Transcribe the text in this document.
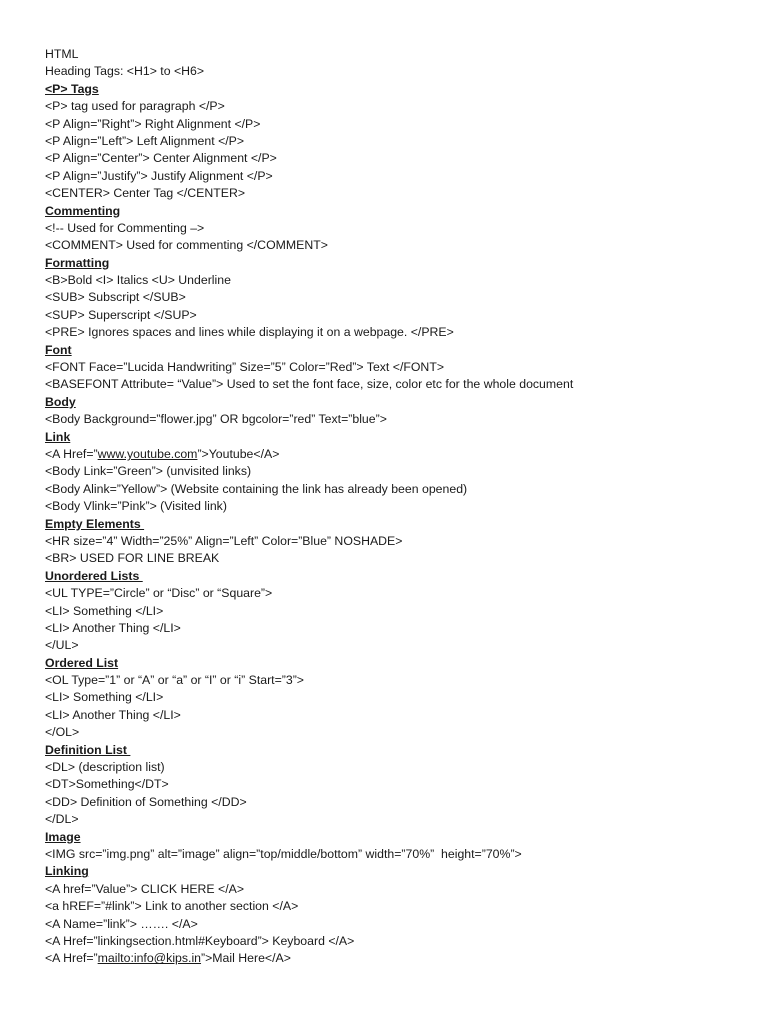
HTML
Heading Tags: <H1> to <H6>
<P> Tags
<P> tag used for paragraph </P>
<P Align=”Right”> Right Alignment </P>
<P Align=”Left”> Left Alignment </P>
<P Align=”Center”> Center Alignment </P>
<P Align=”Justify”> Justify Alignment </P>
<CENTER> Center Tag </CENTER>
Commenting
<!-- Used for Commenting –>
<COMMENT> Used for commenting </COMMENT>
Formatting
<B>Bold <I> Italics <U> Underline
<SUB> Subscript </SUB>
<SUP> Superscript </SUP>
<PRE> Ignores spaces and lines while displaying it on a webpage. </PRE>
Font
<FONT Face=”Lucida Handwriting” Size=”5” Color=”Red”> Text </FONT>
<BASEFONT Attribute= “Value”> Used to set the font face, size, color etc for the whole document
Body
<Body Background=”flower.jpg” OR bgcolor=”red” Text=”blue”>
Link
<A Href=”www.youtube.com”>Youtube</A>
<Body Link=”Green”> (unvisited links)
<Body Alink=”Yellow”> (Website containing the link has already been opened)
<Body Vlink=”Pink”> (Visited link)
Empty Elements
<HR size=”4” Width=”25%” Align=”Left” Color=”Blue” NOSHADE>
<BR> USED FOR LINE BREAK
Unordered Lists
<UL TYPE=”Circle” or “Disc” or “Square”>
<LI> Something </LI>
<LI> Another Thing </LI>
</UL>
Ordered List
<OL Type=”1” or “A” or “a” or “I” or “i” Start=”3”>
<LI> Something </LI>
<LI> Another Thing </LI>
</OL>
Definition List
<DL> (description list)
<DT>Something</DT>
<DD> Definition of Something </DD>
</DL>
Image
<IMG src=”img.png” alt=”image” align=”top/middle/bottom” width=”70%”  height=”70%”>
Linking
<A href=”Value”> CLICK HERE </A>
<a hREF=”#link”> Link to another section </A>
<A Name=”link”> ……. </A>
<A Href=”linkingsection.html#Keyboard”> Keyboard </A>
<A Href=”mailto:info@kips.in”>Mail Here</A>
